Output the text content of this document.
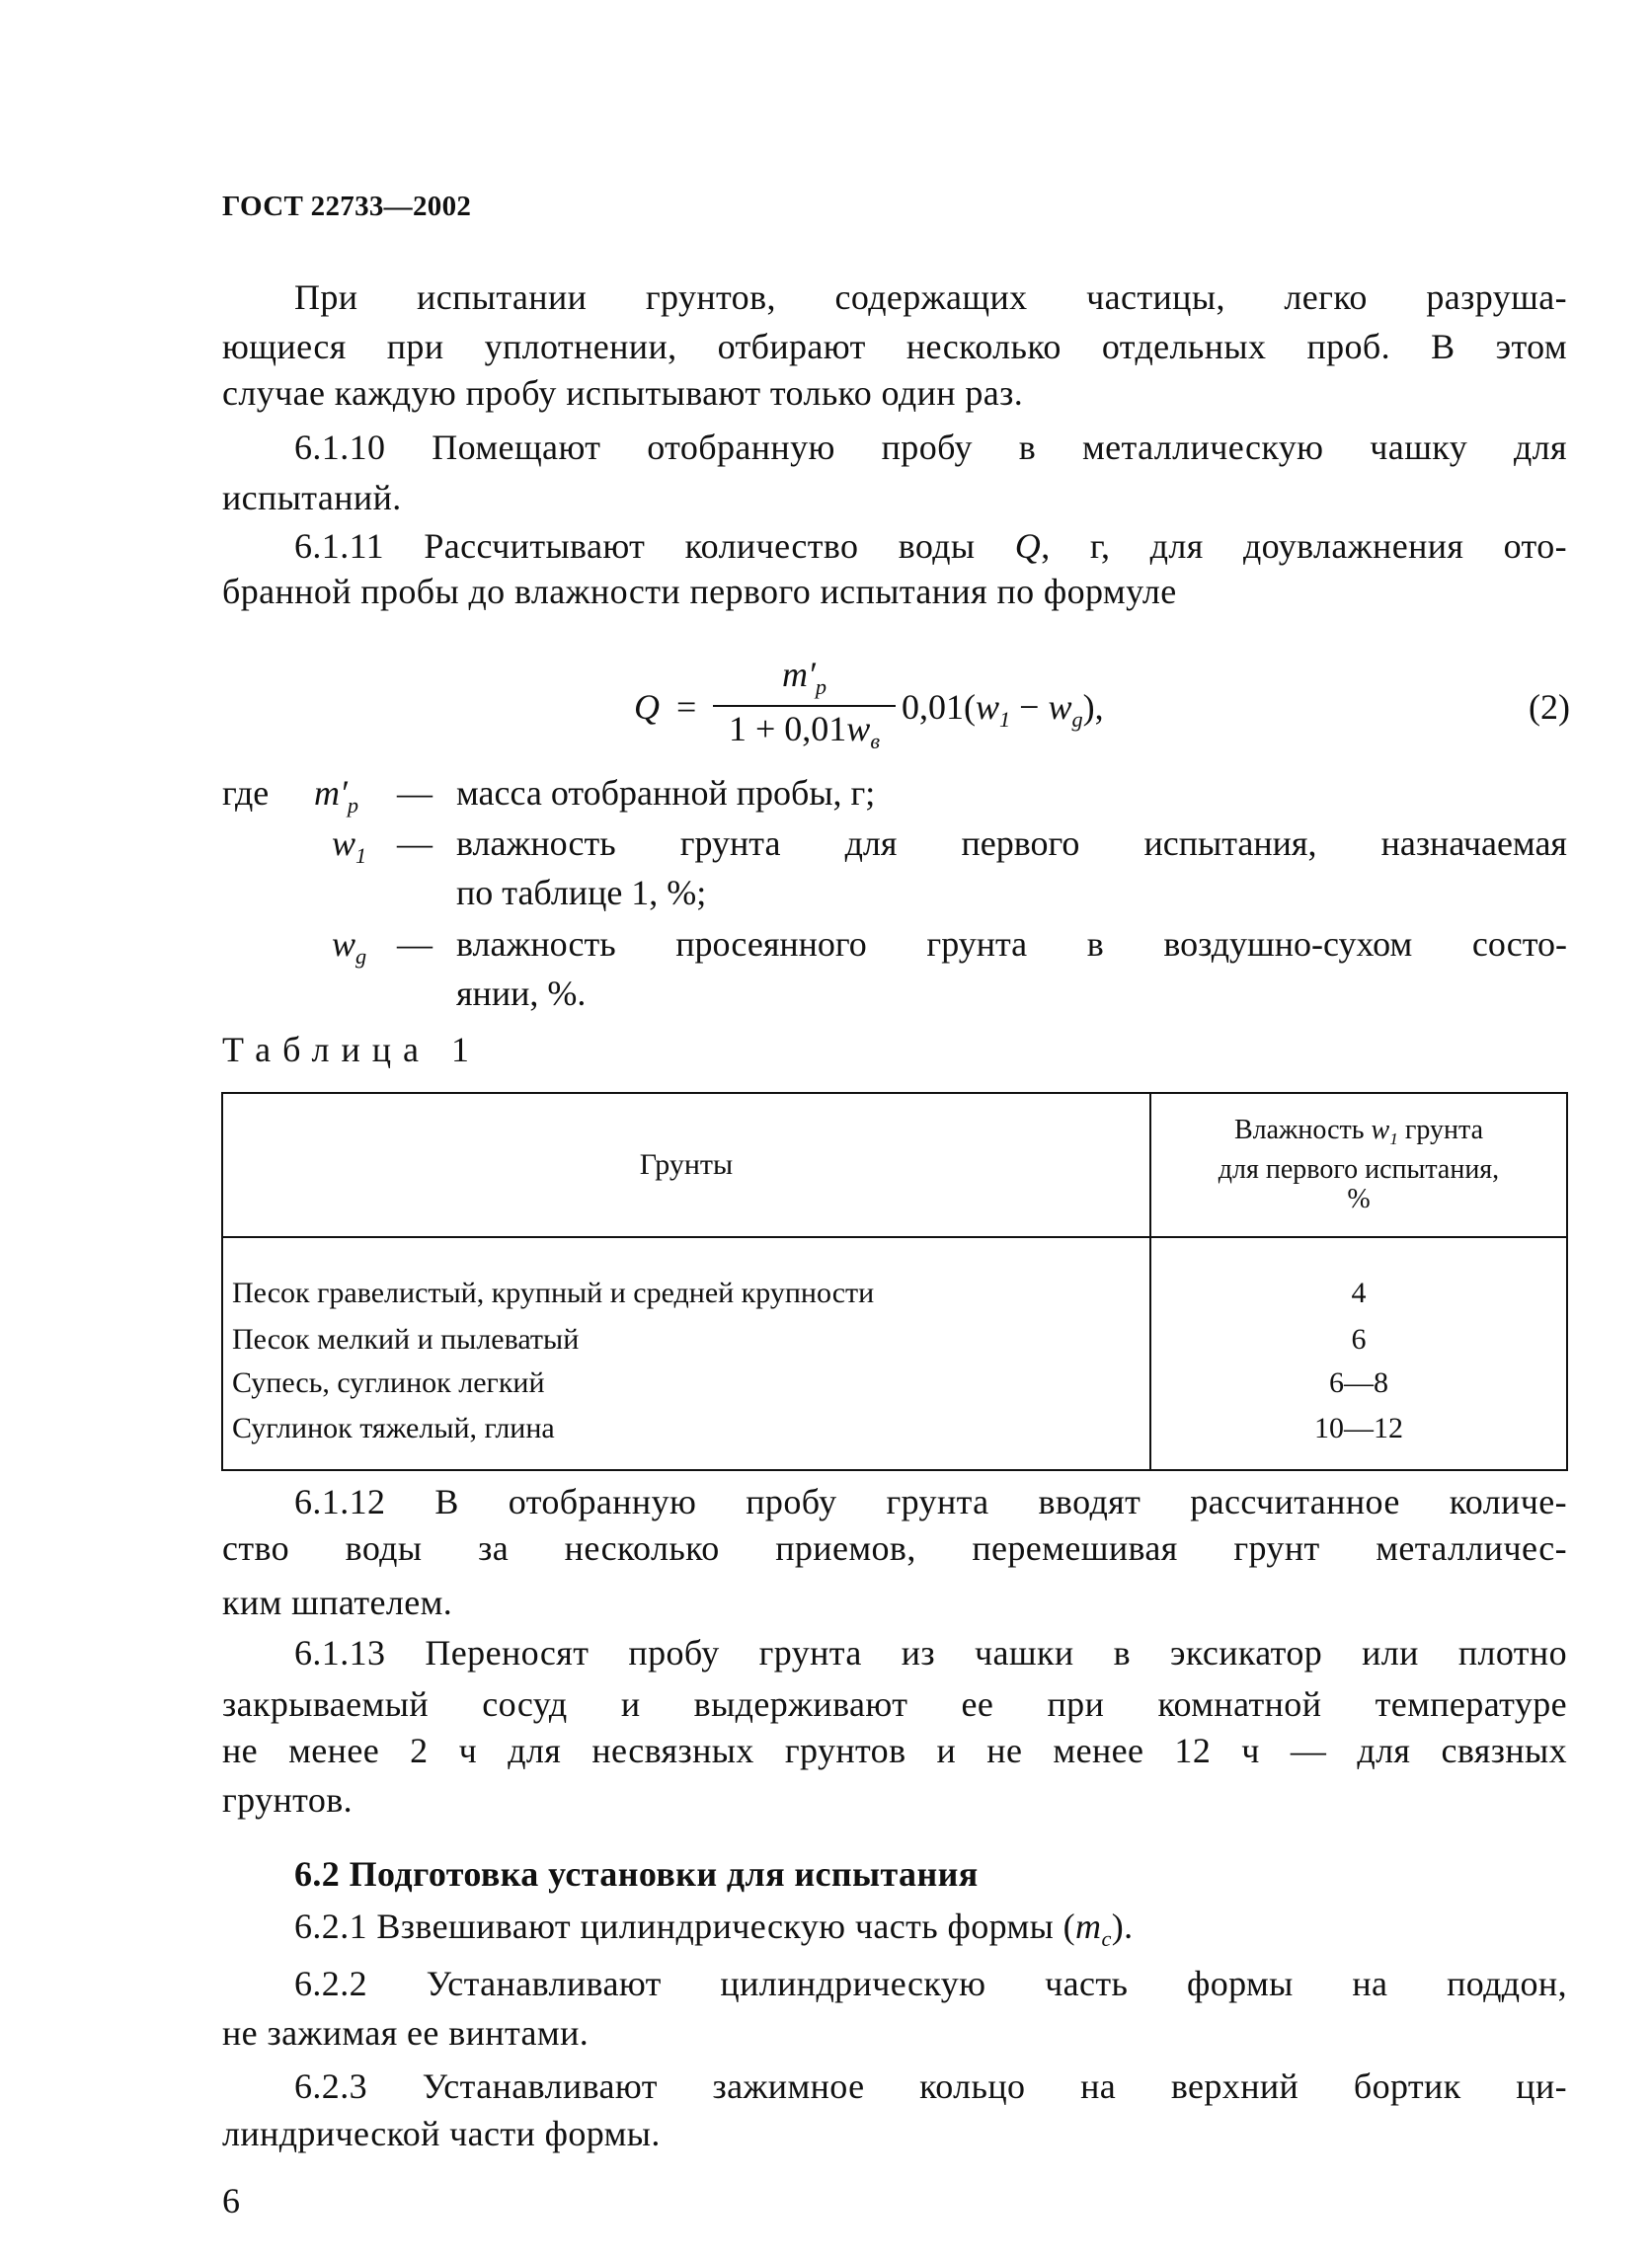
ГОСТ 22733—2002
При испытании грунтов, содержащих частицы, легко разруша-
ющиеся при уплотнении, отбирают несколько отдельных проб. В этом
случае каждую пробу испытывают только один раз.
6.1.10 Помещают отобранную пробу в металлическую чашку для
испытаний.
6.1.11 Рассчитывают количество воды Q, г, для доувлажнения ото-
бранной пробы до влажности первого испытания по формуле
Q =
$m'_p$
$1 + 0,01w_в$
$0,01(w_1 - w_g)$,	(2)
где $m'_p$ — масса отобранной пробы, г;
$w_1$ — влажность грунта для первого испытания, назначаемая
по таблице 1, %;
$w_g$ — влажность просеянного грунта в воздушно-сухом состо-
янии, %.
Таблица 1
Грунты	Влажность $w_1$ грунта
для первого испытания,
%

Песок гравелистый, крупный и средней крупности	4
Песок мелкий и пылеватый	6
Супесь, суглинок легкий	6—8
Суглинок тяжелый, глина	10—12
6.1.12 В отобранную пробу грунта вводят рассчитанное количе-
ство воды за несколько приемов, перемешивая грунт металличес-
ким шпателем.
6.1.13 Переносят пробу грунта из чашки в эксикатор или плотно
закрываемый сосуд и выдерживают ее при комнатной температуре
не менее 2 ч для несвязных грунтов и не менее 12 ч — для связных
грунтов.
6.2 Подготовка установки для испытания
6.2.1 Взвешивают цилиндрическую часть формы $(m_c)$.
6.2.2 Устанавливают цилиндрическую часть формы на поддон,
не зажимая ее винтами.
6.2.3 Устанавливают зажимное кольцо на верхний бортик ци-
линдрической части формы.
6
